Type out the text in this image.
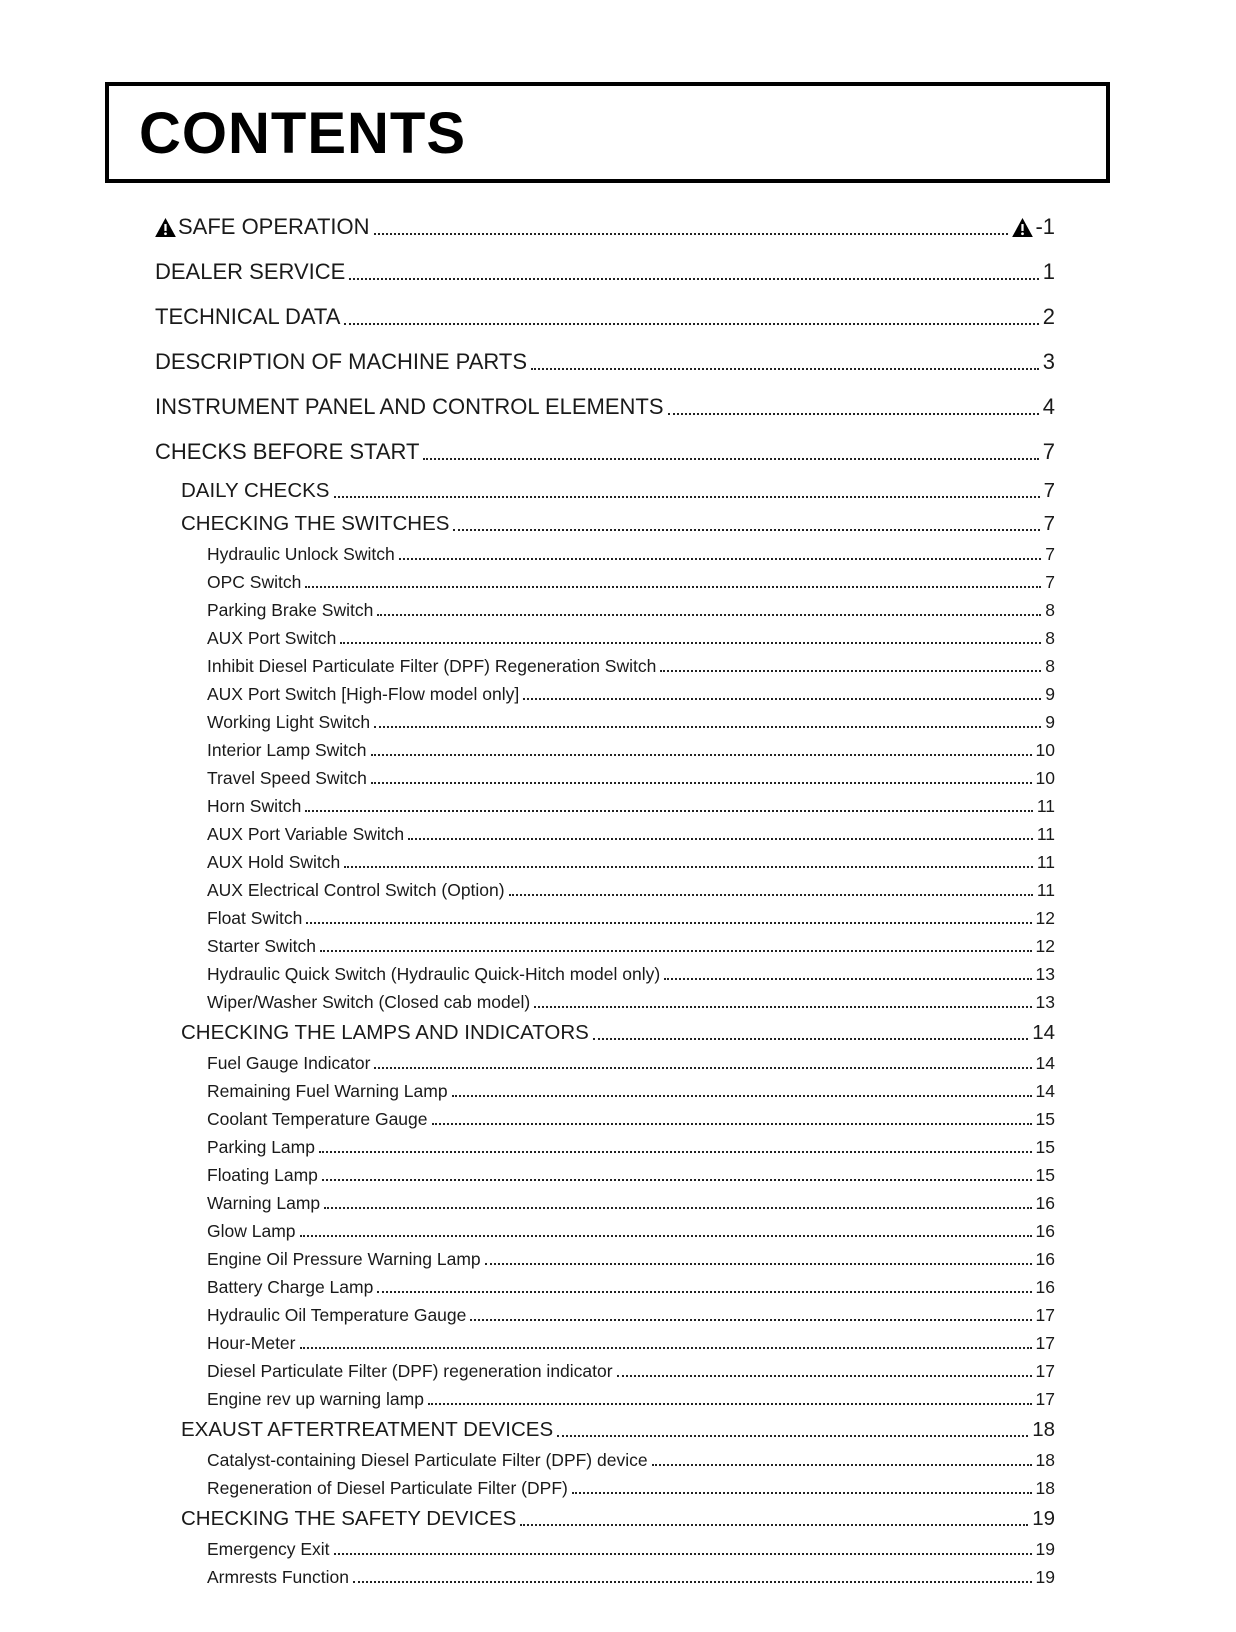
CONTENTS
SAFE OPERATION	-1
DEALER SERVICE	1
TECHNICAL DATA	2
DESCRIPTION OF MACHINE PARTS	3
INSTRUMENT PANEL AND CONTROL ELEMENTS	4
CHECKS BEFORE START	7
DAILY CHECKS	7
CHECKING THE SWITCHES	7
Hydraulic Unlock Switch	7
OPC Switch	7
Parking Brake Switch	8
AUX Port Switch	8
Inhibit Diesel Particulate Filter (DPF) Regeneration Switch	8
AUX Port Switch [High-Flow model only]	9
Working Light Switch	9
Interior Lamp Switch	10
Travel Speed Switch	10
Horn Switch	11
AUX Port Variable Switch	11
AUX Hold Switch	11
AUX Electrical Control Switch (Option)	11
Float Switch	12
Starter Switch	12
Hydraulic Quick Switch (Hydraulic Quick-Hitch model only)	13
Wiper/Washer Switch (Closed cab model)	13
CHECKING THE LAMPS AND INDICATORS	14
Fuel Gauge Indicator	14
Remaining Fuel Warning Lamp	14
Coolant Temperature Gauge	15
Parking Lamp	15
Floating Lamp	15
Warning Lamp	16
Glow Lamp	16
Engine Oil Pressure Warning Lamp	16
Battery Charge Lamp	16
Hydraulic Oil Temperature Gauge	17
Hour-Meter	17
Diesel Particulate Filter (DPF) regeneration indicator	17
Engine rev up warning lamp	17
EXAUST AFTERTREATMENT DEVICES	18
Catalyst-containing Diesel Particulate Filter (DPF) device	18
Regeneration of Diesel Particulate Filter (DPF)	18
CHECKING THE SAFETY DEVICES	19
Emergency Exit	19
Armrests Function	19
